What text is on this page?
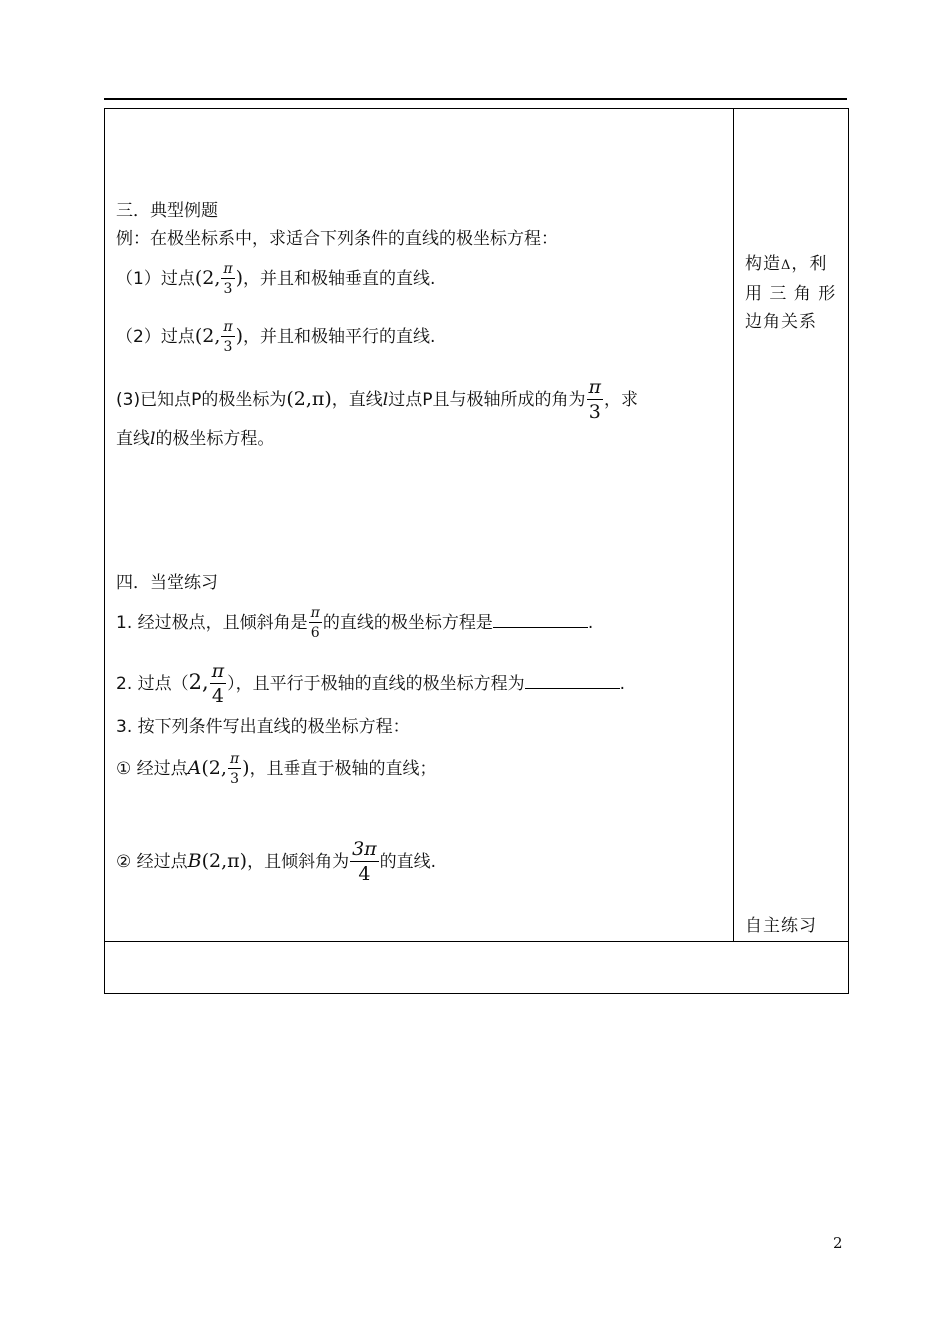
三．典型例题
例：在极坐标系中，求适合下列条件的直线的极坐标方程：
（1）过点(2, $\frac{\pi}{3}$ )，并且和极轴垂直的直线.
（2）过点(2, $\frac{\pi}{3}$ )，并且和极轴平行的直线.
(3)已知点P的极坐标为(2,π)，直线l过点P且与极轴所成的角为 $\frac{\pi}{3}$ ，求
直线l的极坐标方程。
四．当堂练习
1. 经过极点，且倾斜角是 $\frac{\pi}{6}$ 的直线的极坐标方程是	.
2. 过点（2, $\frac{\pi}{4}$ ），且平行于极轴的直线的极坐标方程为	.
3. 按下列条件写出直线的极坐标方程：
① 经过点A(2, $\frac{\pi}{3}$ )，且垂直于极轴的直线；
② 经过点B(2,π)，且倾斜角为 $\frac{3\pi}{4}$ 的直线.
构造Δ，利
用 三 角 形
边角关系
自主练习
2
